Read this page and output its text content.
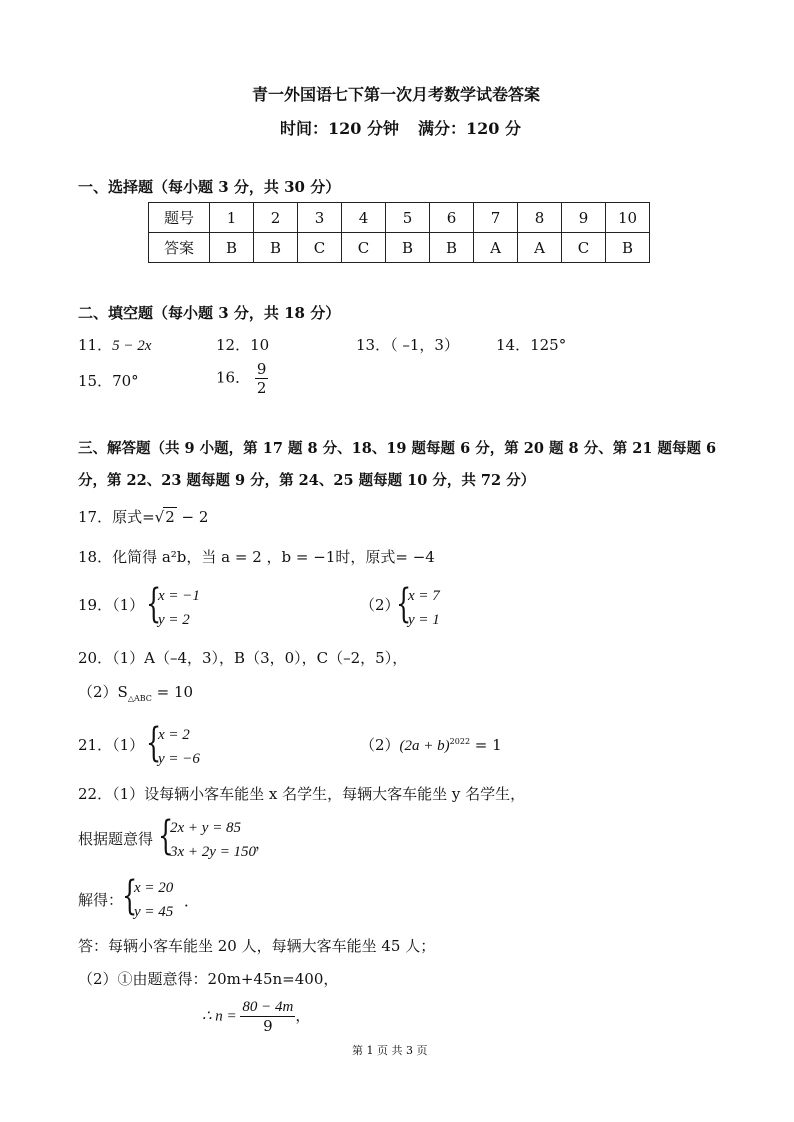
青一外国语七下第一次月考数学试卷答案
时间：120 分钟 满分：120 分
一、选择题（每小题 3 分，共 30 分）
题号	1	2	3	4	5	6	7	8	9	10
答案	B	B	C	C	B	B	A	A	C	B
二、填空题（每小题 3 分，共 18 分）
11．5 − 2x	12．10	13．（ –1，3） 14．125°
15．70°	16． $\frac{9}{2}$
三、解答题（共 9 小题，第 17 题 8 分、18、19 题每题 6 分，第 20 题 8 分、第 21 题每题 6
分，第 22、23 题每题 9 分，第 24、25 题每题 10 分，共 72 分）
17．原式=√2 − 2
18．化简得 a²b，当 a = 2 ，b = −1时，原式= −4
19．（1） {
x = −1
y = 2
（2）
{
x = 7
y = 1
20．（1）A（–4，3），B（3，0），C（–2，5），
$(2)S_{\triangle ABC} = 10$
21．（1） {
x = 2
y = −6
$(2)(2a + b)^{2022} = 1$
22．（1）设每辆小客车能坐 x 名学生，每辆大客车能坐 y 名学生，
根据题意得 {
2x + y = 85
3x + 2y = 150
，
解得：
{
x = 20
y = 45
．
答：每辆小客车能坐 20 人，每辆大客车能坐 45 人；
（2）①由题意得：20m+45n=400，
∴ $n = \frac{80 - 4m}{9}$ ，
第 1 页 共 3 页
